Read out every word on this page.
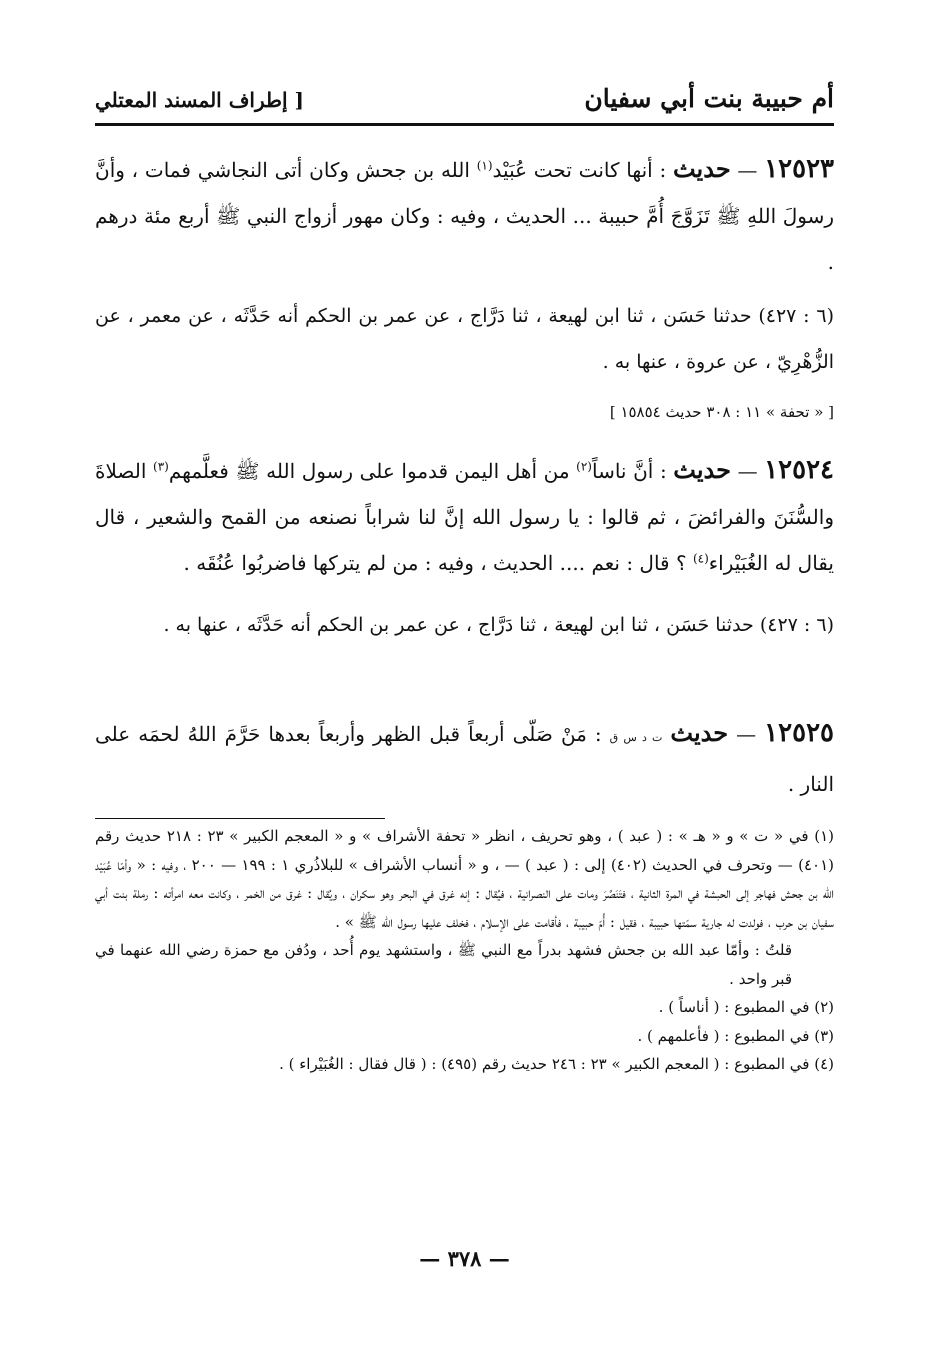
أم حبيبة بنت أبي سفيان
[ إطراف المسند المعتلي

١٢٥٢٣ — حديث : أنها كانت تحت عُبَيْد$^{(١)}$ الله بن جحش وكان أتى النجاشي فمات ، وأنَّ رسولَ اللهِ ﷺ تَزَوَّجَ أُمَّ حبيبة ... الحديث ، وفيه : وكان مهور أزواج النبي ﷺ أربع مئة درهم .

(٦ : ٤٢٧) حدثنا حَسَن ، ثنا ابن لهيعة ، ثنا دَرَّاج ، عن عمر بن الحكم أنه حَدَّثَه ، عن معمر ، عن الزُّهْرِيّ ، عن عروة ، عنها به .
[ « تحفة » ١١ : ٣٠٨ حديث ١٥٨٥٤ ]

١٢٥٢٤ — حديث : أنَّ ناساً$^{(٢)}$ من أهل اليمن قدموا على رسول الله ﷺ فعلَّمهم$^{(٣)}$ الصلاةَ والسُّنَنَ والفرائضَ ، ثم قالوا : يا رسول الله إنَّ لنا شراباً نصنعه من القمح والشعير ، قال يقال له الغُبَيْراء$^{(٤)}$ ؟ قال : نعم .... الحديث ، وفيه : من لم يتركها فاضربُوا عُنُقَه .

(٦ : ٤٢٧) حدثنا حَسَن ، ثنا ابن لهيعة ، ثنا دَرَّاج ، عن عمر بن الحكم أنه حَدَّثَه ، عنها به .

١٢٥٢٥ — حديث ت د س ق : مَنْ صَلّى أربعاً قبل الظهر وأربعاً بعدها حَرَّمَ اللهُ لحمَه على النار .

(١) في « ت » و « هـ » : ( عبد ) ، وهو تحريف ، انظر « تحفة الأشراف » و « المعجم الكبير » ٢٣ : ٢١٨ حديث رقم (٤٠١) — وتحرف في الحديث (٤٠٢) إلى : ( عبد ) — ، و « أنساب الأشراف » للبلاذُري ١ : ١٩٩ — ٢٠٠ ، وفيه : « وأمّا عُبَيْد الله بن جحش فهاجر إلى الحبشة في المرة الثانية ، فتَنَصَّرَ ومات على النصرانية ، فيُقال : إنه غرق في البحر وهو سكران ، ويُقال : غرق من الخمر ، وكانت معه امرأته : رملة بنت أبي سفيان بن حرب ، فولدت له جارية سمّتها حبيبة ، فقيل : أُمّ حبيبة ، فأقامت على الإسلام ، فخلف عليها رسول الله ﷺ » .

قلتُ : وأمّا عبد الله بن جحش فشهد بدراً مع النبي ﷺ ، واستشهد يوم أُحد ، ودُفن مع حمزة رضي الله عنهما في قبر واحد .

(٢) في المطبوع : ( أناساً ) .

(٣) في المطبوع : ( فأعلمهم ) .

(٤) في المطبوع : ( المعجم الكبير » ٢٣ : ٢٤٦ حديث رقم (٤٩٥) : ( قال فقال : الغُبَيْراء ) .

— ٣٧٨ —
